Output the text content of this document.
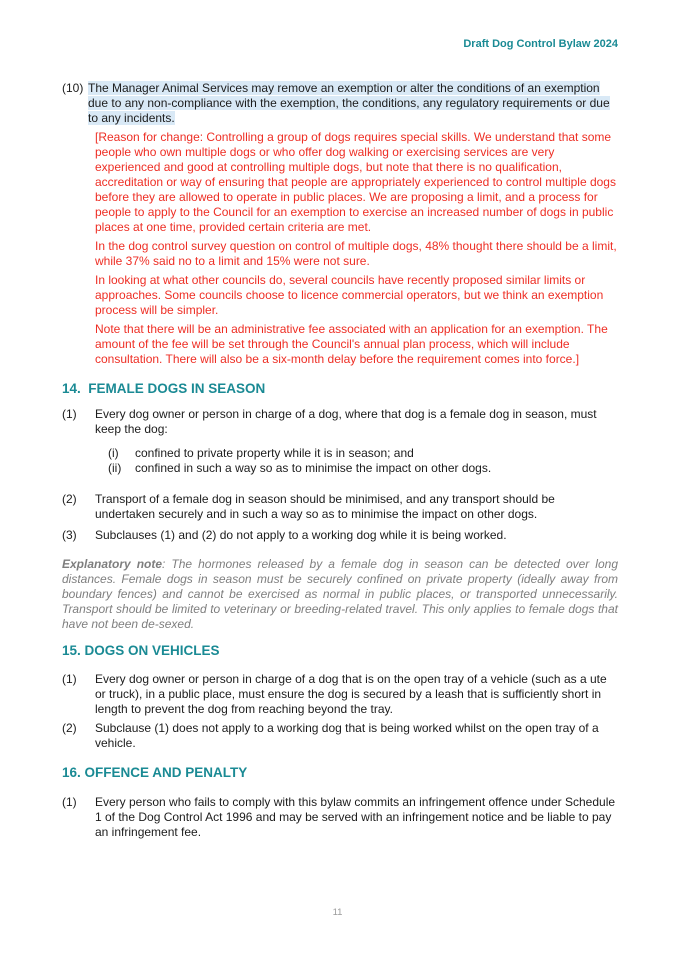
Draft Dog Control Bylaw 2024
(10) The Manager Animal Services may remove an exemption or alter the conditions of an exemption due to any non-compliance with the exemption, the conditions, any regulatory requirements or due to any incidents.

[Reason for change: Controlling a group of dogs requires special skills. We understand that some people who own multiple dogs or who offer dog walking or exercising services are very experienced and good at controlling multiple dogs, but note that there is no qualification, accreditation or way of ensuring that people are appropriately experienced to control multiple dogs before they are allowed to operate in public places. We are proposing a limit, and a process for people to apply to the Council for an exemption to exercise an increased number of dogs in public places at one time, provided certain criteria are met.

In the dog control survey question on control of multiple dogs, 48% thought there should be a limit, while 37% said no to a limit and 15% were not sure.

In looking at what other councils do, several councils have recently proposed similar limits or approaches. Some councils choose to licence commercial operators, but we think an exemption process will be simpler.

Note that there will be an administrative fee associated with an application for an exemption. The amount of the fee will be set through the Council's annual plan process, which will include consultation. There will also be a six-month delay before the requirement comes into force.]

14.  FEMALE DOGS IN SEASON
(1)	Every dog owner or person in charge of a dog, where that dog is a female dog in season, must keep the dog:
(i)	confined to private property while it is in season; and
(ii)	confined in such a way so as to minimise the impact on other dogs.
(2)	Transport of a female dog in season should be minimised, and any transport should be undertaken securely and in such a way so as to minimise the impact on other dogs.
(3)	Subclauses (1) and (2) do not apply to a working dog while it is being worked.

Explanatory note: The hormones released by a female dog in season can be detected over long distances. Female dogs in season must be securely confined on private property (ideally away from boundary fences) and cannot be exercised as normal in public places, or transported unnecessarily. Transport should be limited to veterinary or breeding-related travel. This only applies to female dogs that have not been de-sexed.

15. DOGS ON VEHICLES
(1)	Every dog owner or person in charge of a dog that is on the open tray of a vehicle (such as a ute or truck), in a public place, must ensure the dog is secured by a leash that is sufficiently short in length to prevent the dog from reaching beyond the tray.
(2)	Subclause (1) does not apply to a working dog that is being worked whilst on the open tray of a vehicle.
16. OFFENCE AND PENALTY
(1)	Every person who fails to comply with this bylaw commits an infringement offence under Schedule 1 of the Dog Control Act 1996 and may be served with an infringement notice and be liable to pay an infringement fee.
11
